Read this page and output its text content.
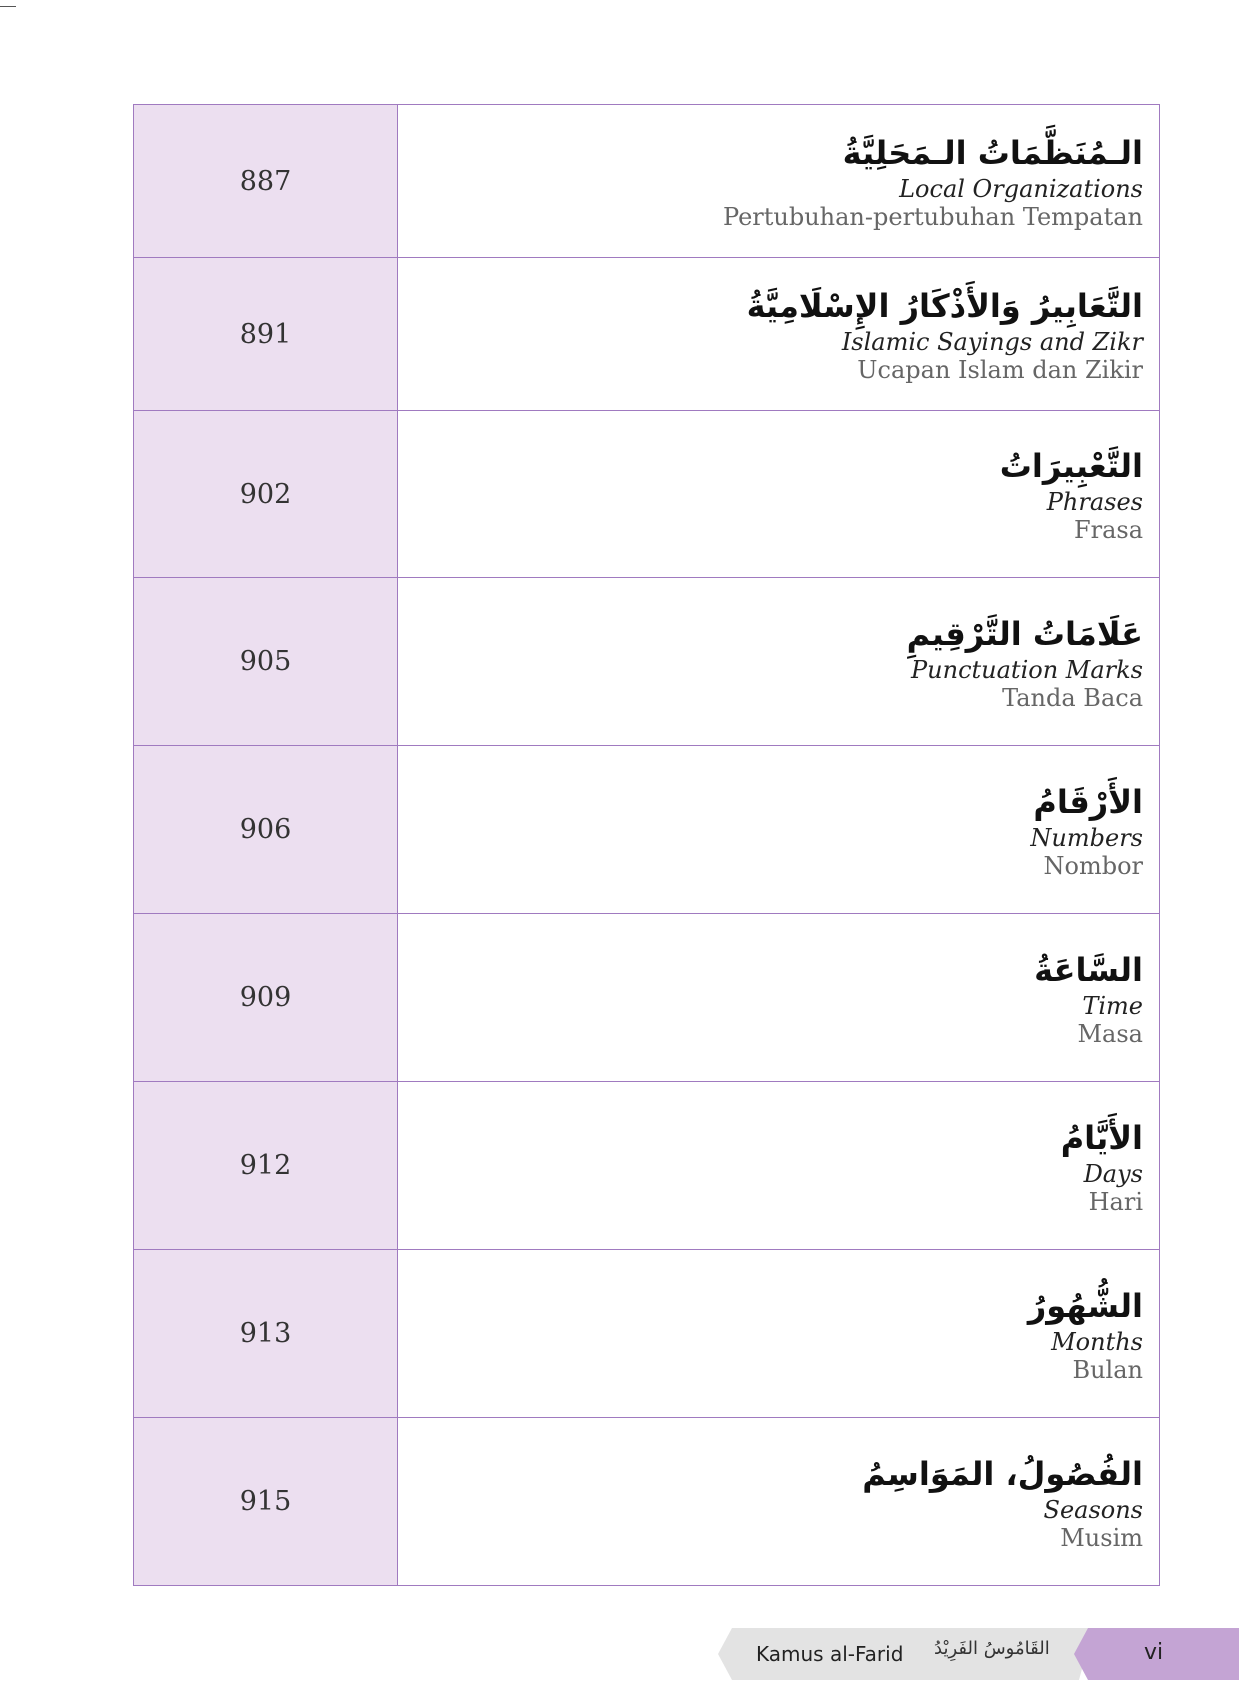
887	الـمُنَظَّمَاتُ الـمَحَلِيَّةُ
Local Organizations
Pertubuhan-pertubuhan Tempatan

891	التَّعَابِيرُ وَالأَذْكَارُ الإِسْلَامِيَّةُ
Islamic Sayings and Zikr
Ucapan Islam dan Zikir

902	التَّعْبِيرَاتُ
Phrases
Frasa

905	عَلَامَاتُ التَّرْقِيمِ
Punctuation Marks
Tanda Baca

906	الأَرْقَامُ
Numbers
Nombor

909	السَّاعَةُ
Time
Masa

912	الأَيَّامُ
Days
Hari

913	الشُّهُورُ
Months
Bulan

915	الفُصُولُ، المَوَاسِمُ
Seasons
Musim
Kamus al-Farid القَامُوسُ الفَرِيْدُ	vi
